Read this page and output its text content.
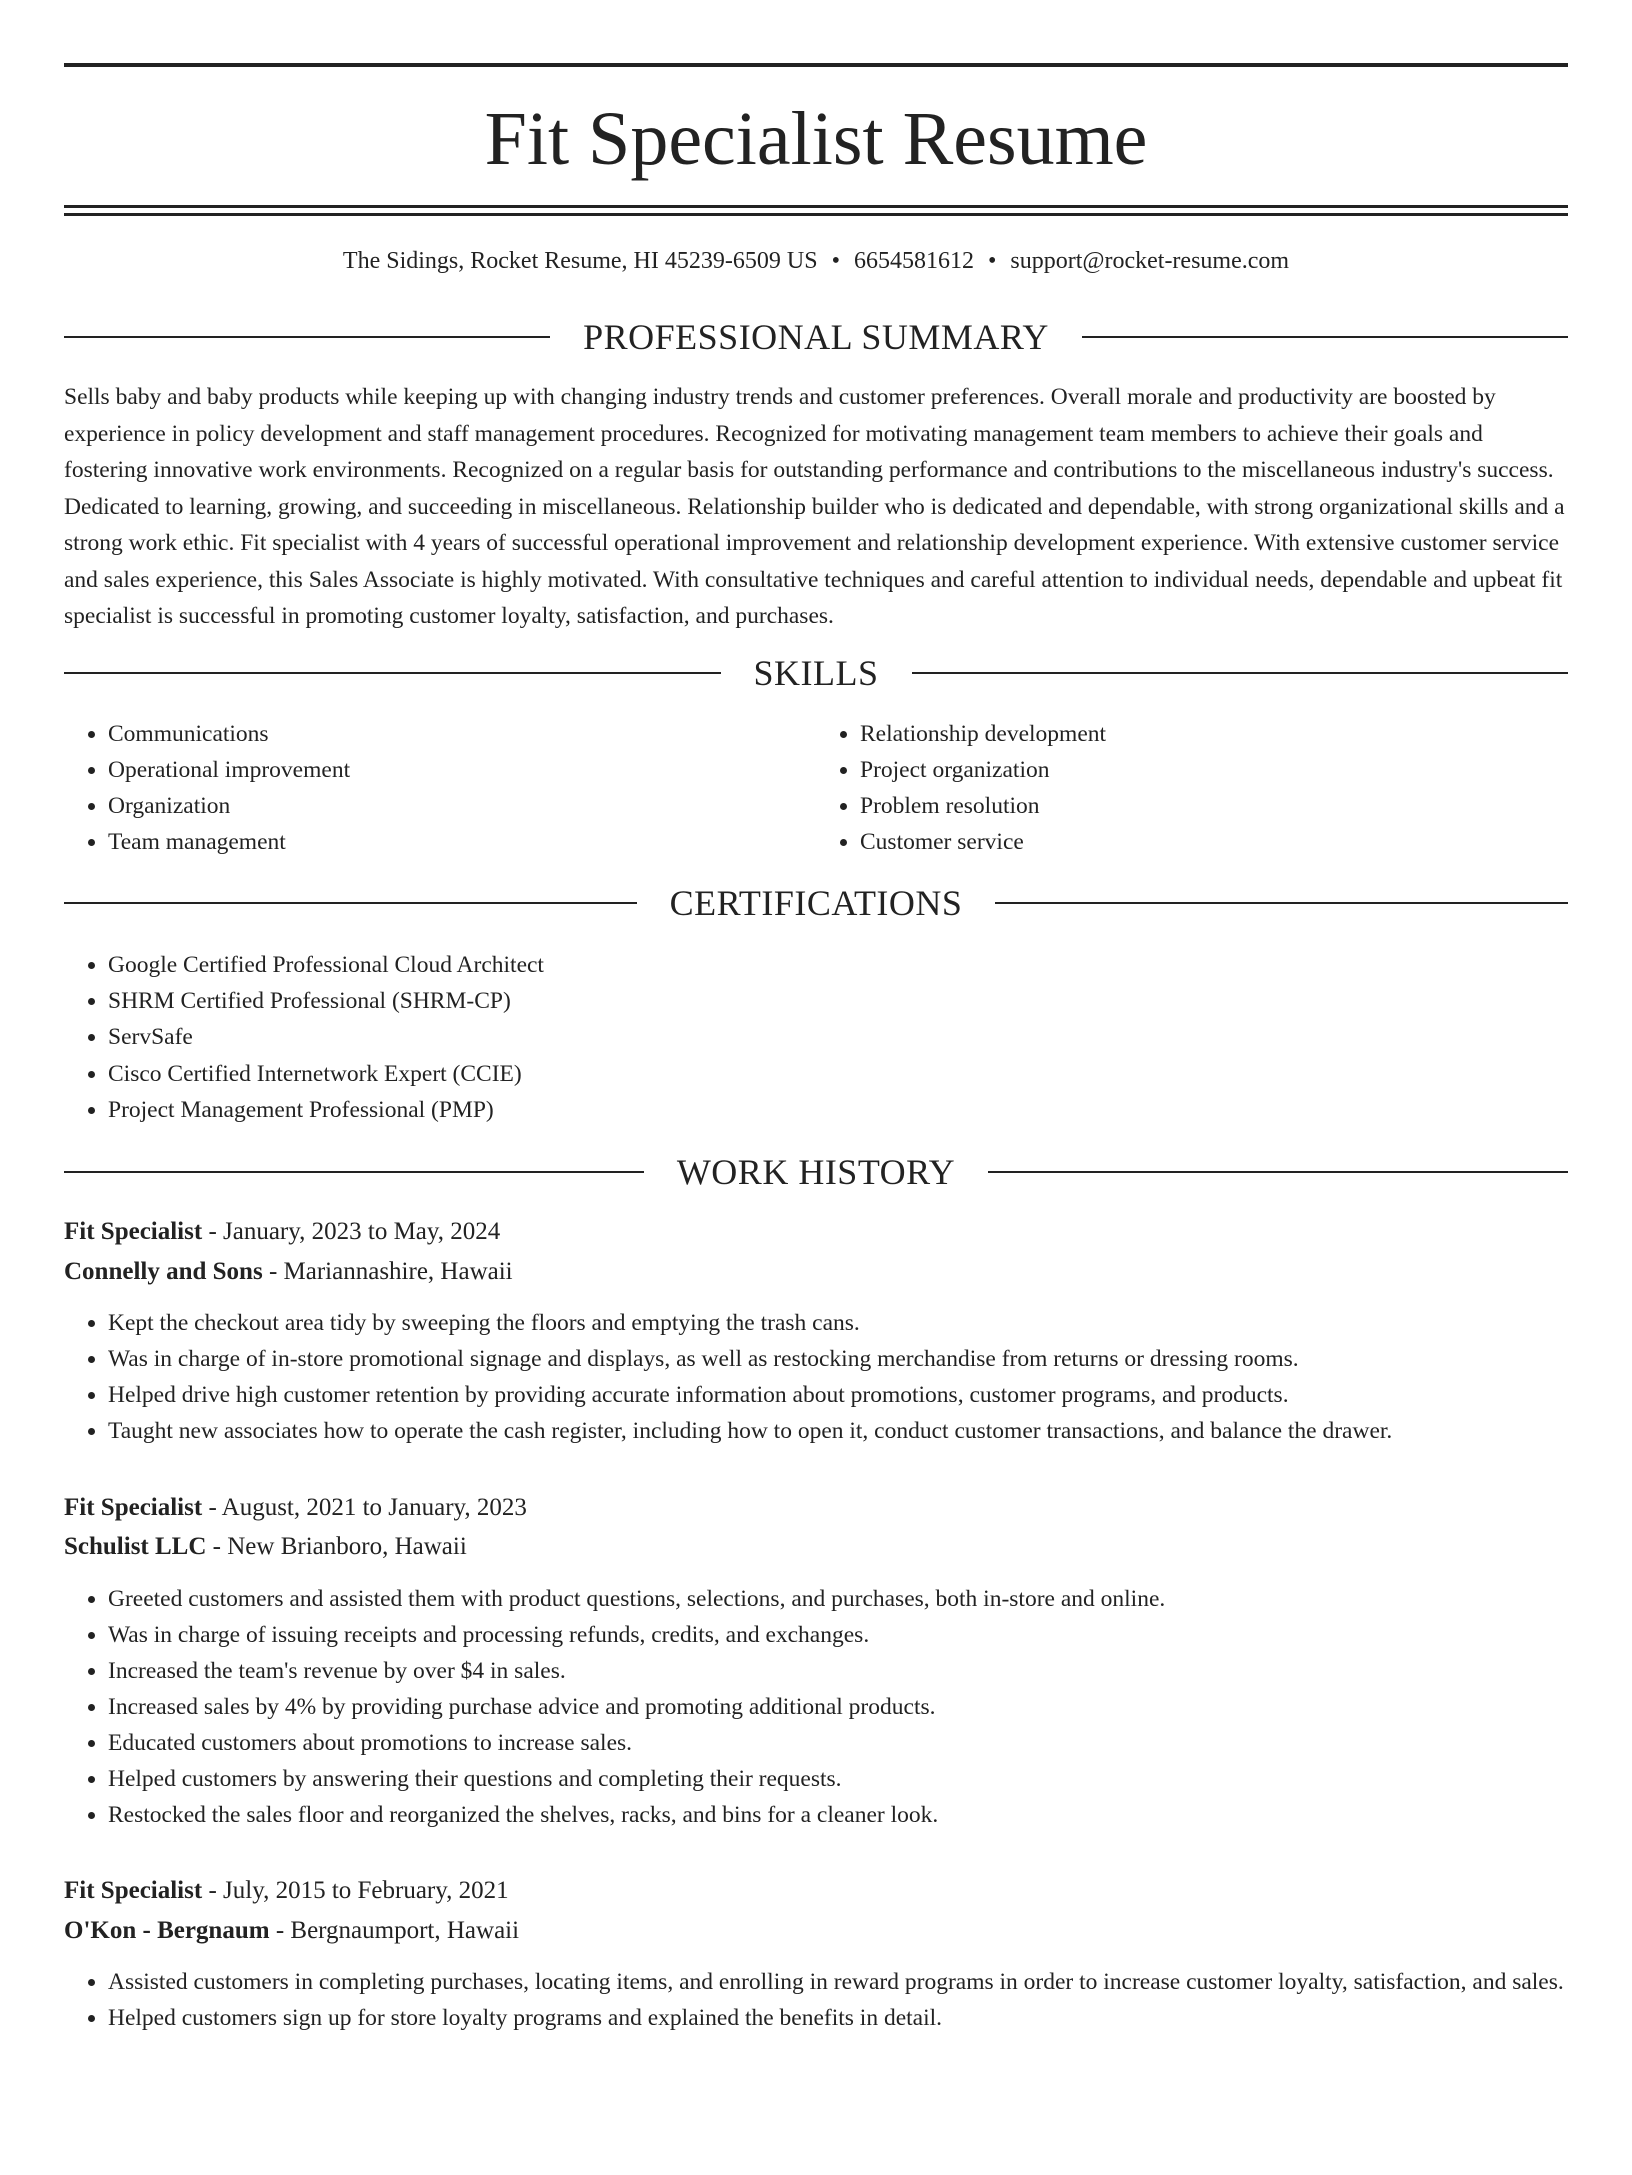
Fit Specialist Resume
The Sidings, Rocket Resume, HI 45239-6509 US • 6654581612 • support@rocket-resume.com
PROFESSIONAL SUMMARY
Sells baby and baby products while keeping up with changing industry trends and customer preferences. Overall morale and productivity are boosted by experience in policy development and staff management procedures. Recognized for motivating management team members to achieve their goals and fostering innovative work environments. Recognized on a regular basis for outstanding performance and contributions to the miscellaneous industry's success. Dedicated to learning, growing, and succeeding in miscellaneous. Relationship builder who is dedicated and dependable, with strong organizational skills and a strong work ethic. Fit specialist with 4 years of successful operational improvement and relationship development experience. With extensive customer service and sales experience, this Sales Associate is highly motivated. With consultative techniques and careful attention to individual needs, dependable and upbeat fit specialist is successful in promoting customer loyalty, satisfaction, and purchases.
SKILLS
• Communications
• Operational improvement
• Organization
• Team management
• Relationship development
• Project organization
• Problem resolution
• Customer service
CERTIFICATIONS
• Google Certified Professional Cloud Architect
• SHRM Certified Professional (SHRM-CP)
• ServSafe
• Cisco Certified Internetwork Expert (CCIE)
• Project Management Professional (PMP)
WORK HISTORY
Fit Specialist - January, 2023 to May, 2024
Connelly and Sons - Mariannashire, Hawaii
• Kept the checkout area tidy by sweeping the floors and emptying the trash cans.
• Was in charge of in-store promotional signage and displays, as well as restocking merchandise from returns or dressing rooms.
• Helped drive high customer retention by providing accurate information about promotions, customer programs, and products.
• Taught new associates how to operate the cash register, including how to open it, conduct customer transactions, and balance the drawer.
Fit Specialist - August, 2021 to January, 2023
Schulist LLC - New Brianboro, Hawaii
• Greeted customers and assisted them with product questions, selections, and purchases, both in-store and online.
• Was in charge of issuing receipts and processing refunds, credits, and exchanges.
• Increased the team's revenue by over $4 in sales.
• Increased sales by 4% by providing purchase advice and promoting additional products.
• Educated customers about promotions to increase sales.
• Helped customers by answering their questions and completing their requests.
• Restocked the sales floor and reorganized the shelves, racks, and bins for a cleaner look.
Fit Specialist - July, 2015 to February, 2021
O'Kon - Bergnaum - Bergnaumport, Hawaii
• Assisted customers in completing purchases, locating items, and enrolling in reward programs in order to increase customer loyalty, satisfaction, and sales.
• Helped customers sign up for store loyalty programs and explained the benefits in detail.
